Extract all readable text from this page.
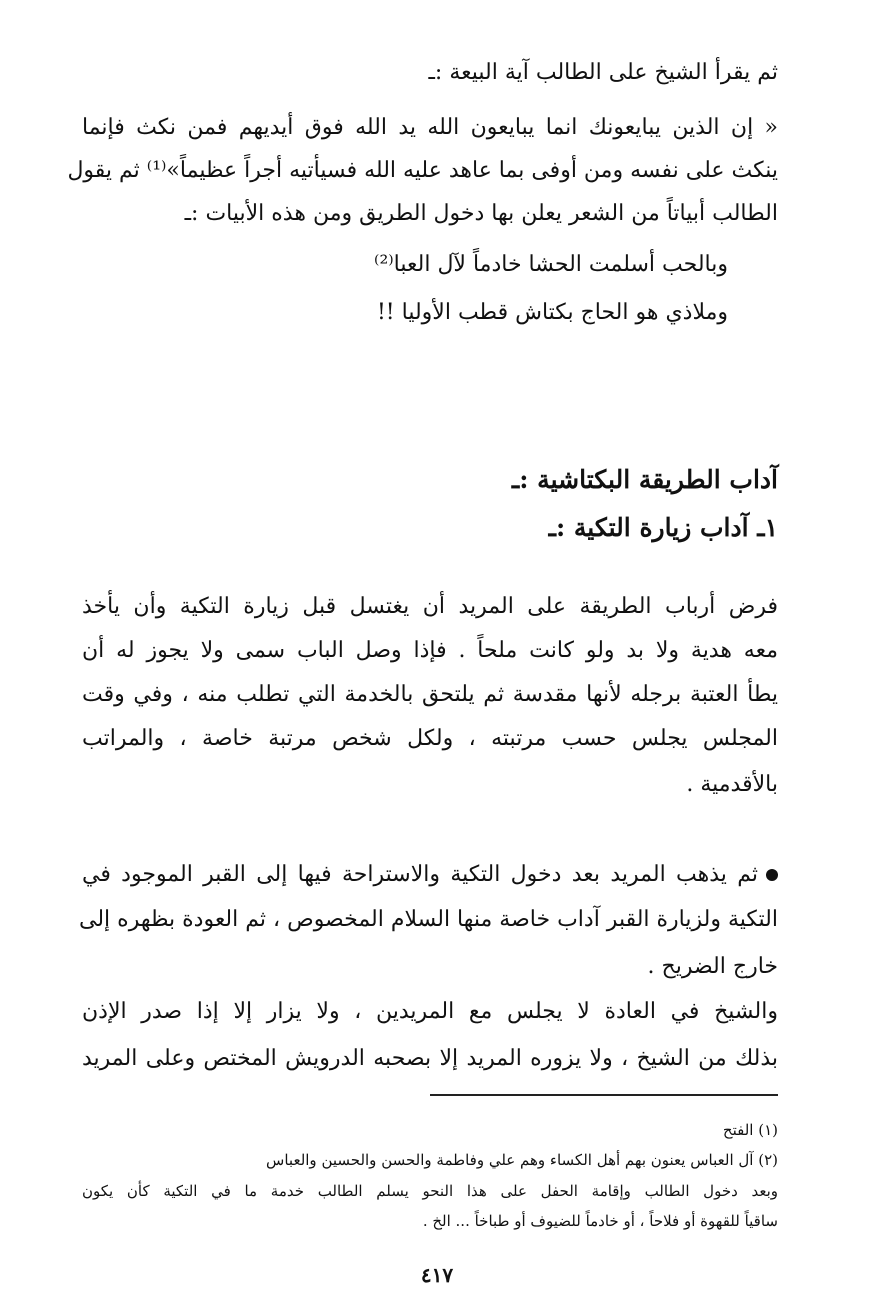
ثم يقرأ الشيخ على الطالب آية البيعة :ـ
« إن الذين يبايعونك انما يبايعون الله يد الله فوق أيديهم فمن نكث فإنما
ينكث على نفسه ومن أوفى بما عاهد عليه الله فسيأتيه أجراً عظيماً»⁽¹⁾ ثم يقول
الطالب أبياتاً من الشعر يعلن بها دخول الطريق ومن هذه الأبيات :ـ
وبالحب أسلمت الحشا خادماً لآل العبا⁽²⁾
وملاذي هو الحاج بكتاش قطب الأوليا !!
آداب الطريقة البكتاشية :ـ
١ـ آداب زيارة التكية :ـ
فرض أرباب الطريقة على المريد أن يغتسل قبل زيارة التكية وأن يأخذ
معه هدية ولا بد ولو كانت ملحاً . فإذا وصل الباب سمى ولا يجوز له أن
يطأ العتبة برجله لأنها مقدسة ثم يلتحق بالخدمة التي تطلب منه ، وفي وقت
المجلس يجلس حسب مرتبته ، ولكل شخص مرتبة خاصة ، والمراتب
بالأقدمية .
ثم يذهب المريد بعد دخول التكية والاستراحة فيها إلى القبر الموجود في
التكية ولزيارة القبر آداب خاصة منها السلام المخصوص ، ثم العودة بظهره إلى
خارج الضريح .
والشيخ في العادة لا يجلس مع المريدين ، ولا يزار إلا إذا صدر الإذن
بذلك من الشيخ ، ولا يزوره المريد إلا بصحبه الدرويش المختص وعلى المريد
(١) الفتح
(٢) آل العباس يعنون بهم أهل الكساء وهم علي وفاطمة والحسن والحسين والعباس
وبعد دخول الطالب وإقامة الحفل على هذا النحو يسلم الطالب خدمة ما في التكية كأن يكون
ساقياً للقهوة أو فلاحاً ، أو خادماً للضيوف أو طباخاً ... الخ .
٤١٧
